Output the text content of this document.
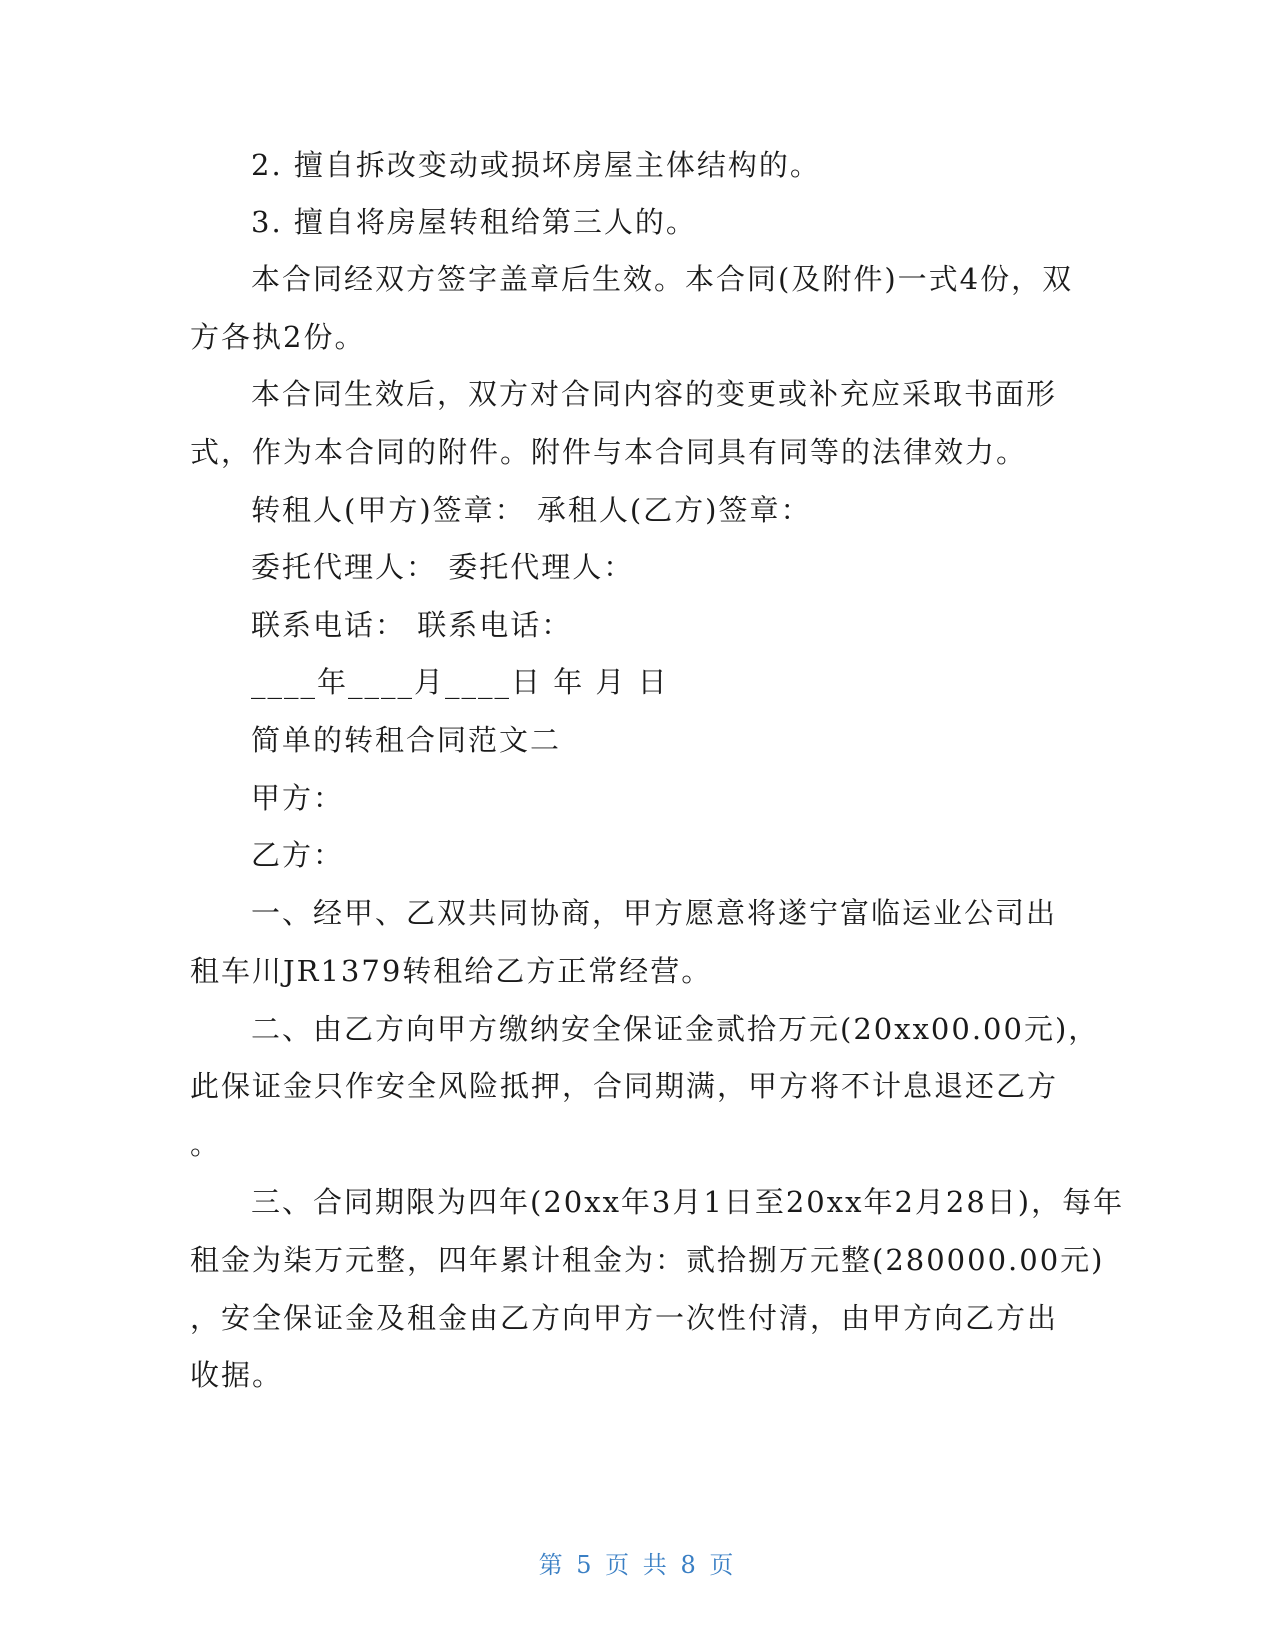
2. 擅自拆改变动或损坏房屋主体结构的。
3. 擅自将房屋转租给第三人的。
本合同经双方签字盖章后生效。本合同(及附件)一式4份，双
方各执2份。
本合同生效后，双方对合同内容的变更或补充应采取书面形
式，作为本合同的附件。附件与本合同具有同等的法律效力。
转租人(甲方)签章： 承租人(乙方)签章：
委托代理人： 委托代理人：
联系电话： 联系电话：
____年____月____日 年 月 日
简单的转租合同范文二
甲方：
乙方：
一、经甲、乙双共同协商，甲方愿意将遂宁富临运业公司出
租车川JR1379转租给乙方正常经营。
二、由乙方向甲方缴纳安全保证金贰拾万元(20xx00.00元)，
此保证金只作安全风险抵押，合同期满，甲方将不计息退还乙方
。
三、合同期限为四年(20xx年3月1日至20xx年2月28日)，每年
租金为柒万元整，四年累计租金为：贰拾捌万元整(280000.00元)
，安全保证金及租金由乙方向甲方一次性付清，由甲方向乙方出
收据。
第 5 页 共 8 页
